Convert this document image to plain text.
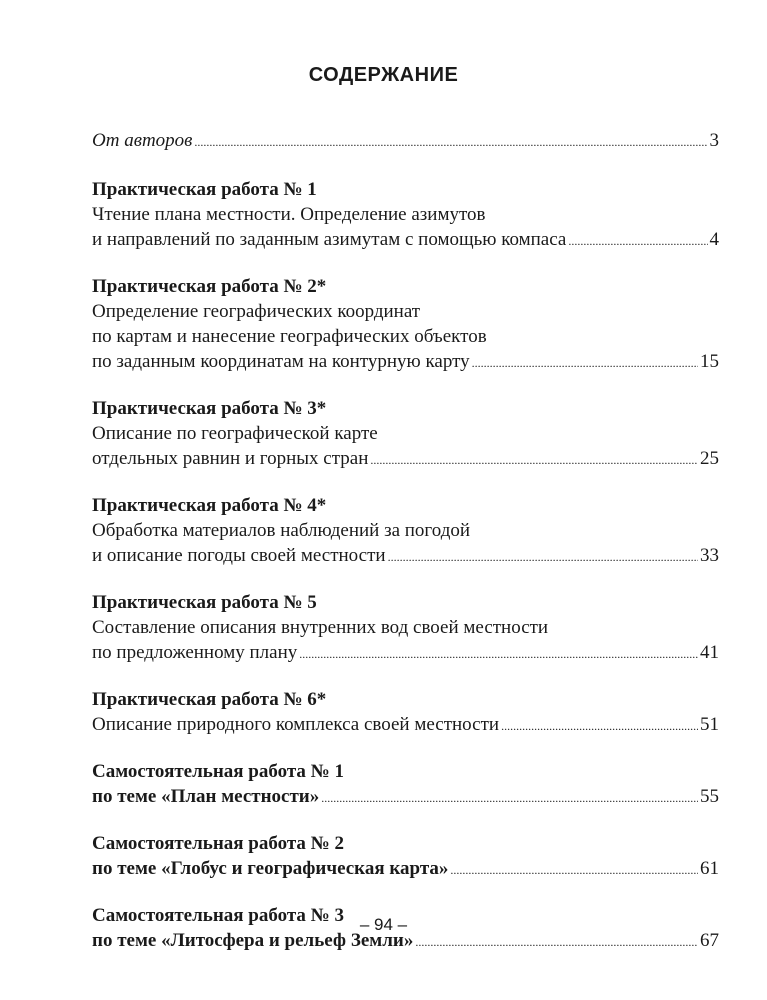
СОДЕРЖАНИЕ
От авторов .....	3
Практическая работа № 1
Чтение плана местности. Определение азимутов
и направлений по заданным азимутам с помощью компаса .....	4
Практическая работа № 2*
Определение географических координат
по картам и нанесение географических объектов
по заданным координатам на контурную карту .....	15
Практическая работа № 3*
Описание по географической карте
отдельных равнин и горных стран .....	25
Практическая работа № 4*
Обработка материалов наблюдений за погодой
и описание погоды своей местности .....	33
Практическая работа № 5
Составление описания внутренних вод своей местности
по предложенному плану .....	41
Практическая работа № 6*
Описание природного комплекса своей местности .....	51
Самостоятельная работа № 1
по теме «План местности» .....	55
Самостоятельная работа № 2
по теме «Глобус и географическая карта» .....	61
Самостоятельная работа № 3
по теме «Литосфера и рельеф Земли» .....	67
– 94 –
